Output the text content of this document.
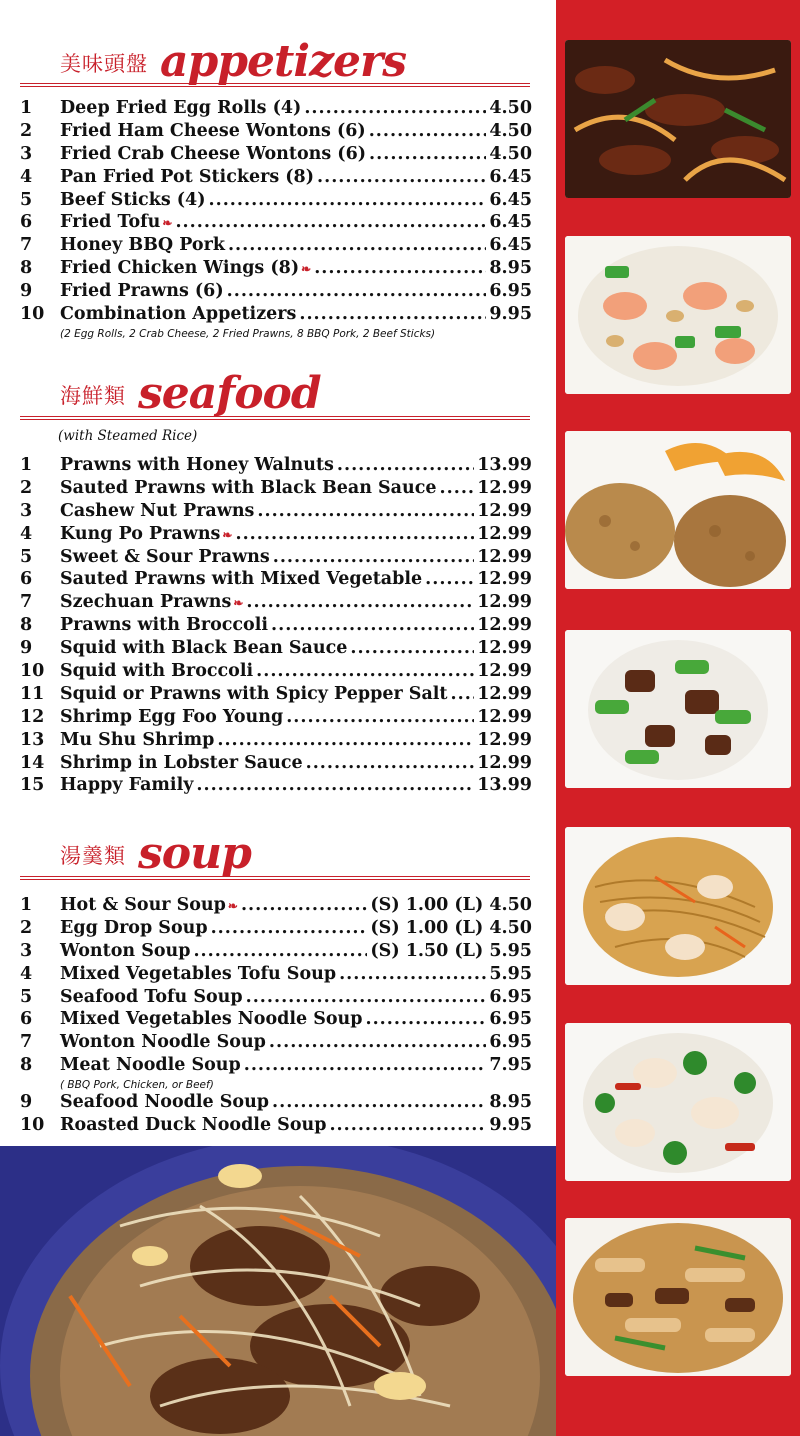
美味頭盤 appetizers
1	Deep Fried Egg Rolls (4) .....	4.50
2	Fried Ham Cheese Wontons (6) .....	4.50
3	Fried Crab Cheese Wontons (6) .....	4.50
4	Pan Fried Pot Stickers (8) .....	6.45
5	Beef Sticks (4) .....	6.45
6	Fried Tofu ❧ .....	6.45
7	Honey BBQ Pork .....	6.45
8	Fried Chicken Wings (8) ❧ .....	8.95
9	Fried Prawns (6) .....	6.95
10 Combination Appetizers .....	9.95
(2 Egg Rolls, 2 Crab Cheese, 2 Fried Prawns, 8 BBQ Pork, 2 Beef Sticks)
海鮮類 seafood
(with Steamed Rice)
1	Prawns with Honey Walnuts .....	13.99
2	Sauted Prawns with Black Bean Sauce ..... 12.99
3	Cashew Nut Prawns .....	12.99
4	Kung Po Prawns ❧ .....	12.99
5	Sweet & Sour Prawns .....	12.99
6	Sauted Prawns with Mixed Vegetable .....	12.99
7	Szechuan Prawns ❧ .....	12.99
8	Prawns with Broccoli .....	12.99
9	Squid with Black Bean Sauce .....	12.99
10 Squid with Broccoli .....	12.99
11 Squid or Prawns with Spicy Pepper Salt ..... 12.99
12 Shrimp Egg Foo Young .....	12.99
13 Mu Shu Shrimp .....	12.99
14 Shrimp in Lobster Sauce .....	12.99
15 Happy Family .....	13.99
湯羹類 soup
1	Hot & Sour Soup ❧ .....	(S) 1.00 (L) 4.50
2	Egg Drop Soup .....	(S) 1.00 (L) 4.50
3	Wonton Soup .....	(S) 1.50 (L) 5.95
4	Mixed Vegetables Tofu Soup .....	5.95
5	Seafood Tofu Soup .....	6.95
6	Mixed Vegetables Noodle Soup .....	6.95
7	Wonton Noodle Soup .....	6.95
8	Meat Noodle Soup .....	7.95
( BBQ Pork, Chicken, or Beef)
9	Seafood Noodle Soup .....	8.95
10 Roasted Duck Noodle Soup .....	9.95
